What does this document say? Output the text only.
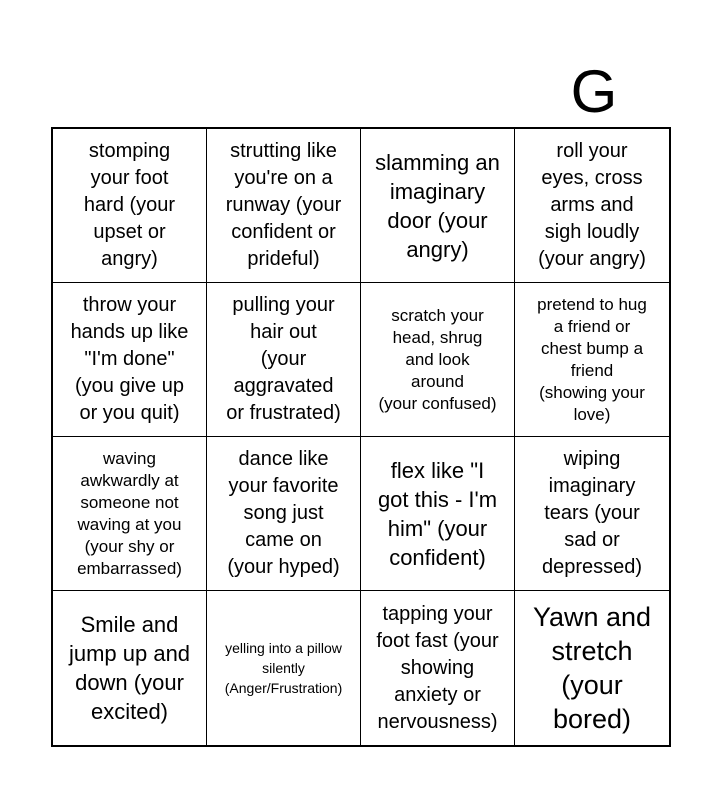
G
stomping
your foot
hard (your
upset or
angry)
strutting like
you're on a
runway (your
confident or
prideful)
slamming an
imaginary
door (your
angry)
roll your
eyes, cross
arms and
sigh loudly
(your angry)
throw your
hands up like
"I'm done"
(you give up
or you quit)
pulling your
hair out
(your
aggravated
or frustrated)
scratch your
head, shrug
and look
around
(your confused)
pretend to hug
a friend or
chest bump a
friend
(showing your
love)
waving
awkwardly at
someone not
waving at you
(your shy or
embarrassed)
dance like
your favorite
song just
came on
(your hyped)
flex like "I
got this - I'm
him" (your
confident)
wiping
imaginary
tears (your
sad or
depressed)
Smile and
jump up and
down (your
excited)
yelling into a pillow
silently
(Anger/Frustration)
tapping your
foot fast (your
showing
anxiety or
nervousness)
Yawn and
stretch
(your
bored)
